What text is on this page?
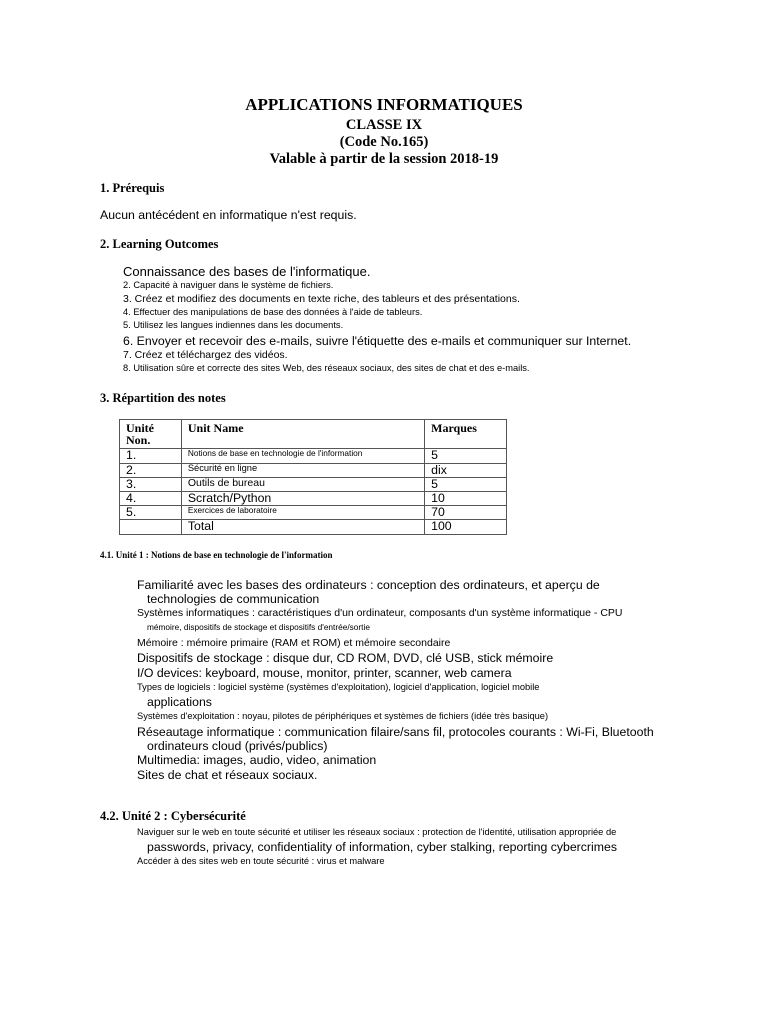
APPLICATIONS INFORMATIQUES
CLASSE IX
(Code No.165)
Valable à partir de la session 2018-19
1. Prérequis
Aucun antécédent en informatique n'est requis.
2. Learning Outcomes
Connaissance des bases de l'informatique.
2. Capacité à naviguer dans le système de fichiers.
3. Créez et modifiez des documents en texte riche, des tableurs et des présentations.
4. Effectuer des manipulations de base des données à l'aide de tableurs.
5. Utilisez les langues indiennes dans les documents.
6. Envoyer et recevoir des e-mails, suivre l'étiquette des e-mails et communiquer sur Internet.
7. Créez et téléchargez des vidéos.
8. Utilisation sûre et correcte des sites Web, des réseaux sociaux, des sites de chat et des e-mails.
3. Répartition des notes
Unité
Non.	Unit Name	Marques
1.	Notions de base en technologie de l'information	5
2.	Sécurité en ligne	dix
3.	Outils de bureau	5
4.	Scratch/Python	10
5.	Exercices de laboratoire	70
	Total	100
4.1. Unité 1 : Notions de base en technologie de l'information
Familiarité avec les bases des ordinateurs : conception des ordinateurs, et aperçu de
technologies de communication
Systèmes informatiques : caractéristiques d'un ordinateur, composants d'un système informatique - CPU
mémoire, dispositifs de stockage et dispositifs d'entrée/sortie
Mémoire : mémoire primaire (RAM et ROM) et mémoire secondaire
Dispositifs de stockage : disque dur, CD ROM, DVD, clé USB, stick mémoire
I/O devices: keyboard, mouse, monitor, printer, scanner, web camera
Types de logiciels : logiciel système (systèmes d'exploitation), logiciel d'application, logiciel mobile
applications
Systèmes d'exploitation : noyau, pilotes de périphériques et systèmes de fichiers (idée très basique)
Réseautage informatique : communication filaire/sans fil, protocoles courants : Wi-Fi, Bluetooth
ordinateurs cloud (privés/publics)
Multimedia: images, audio, video, animation
Sites de chat et réseaux sociaux.
4.2. Unité 2 : Cybersécurité
Naviguer sur le web en toute sécurité et utiliser les réseaux sociaux : protection de l'identité, utilisation appropriée de
passwords, privacy, confidentiality of information, cyber stalking, reporting cybercrimes
Accéder à des sites web en toute sécurité : virus et malware
